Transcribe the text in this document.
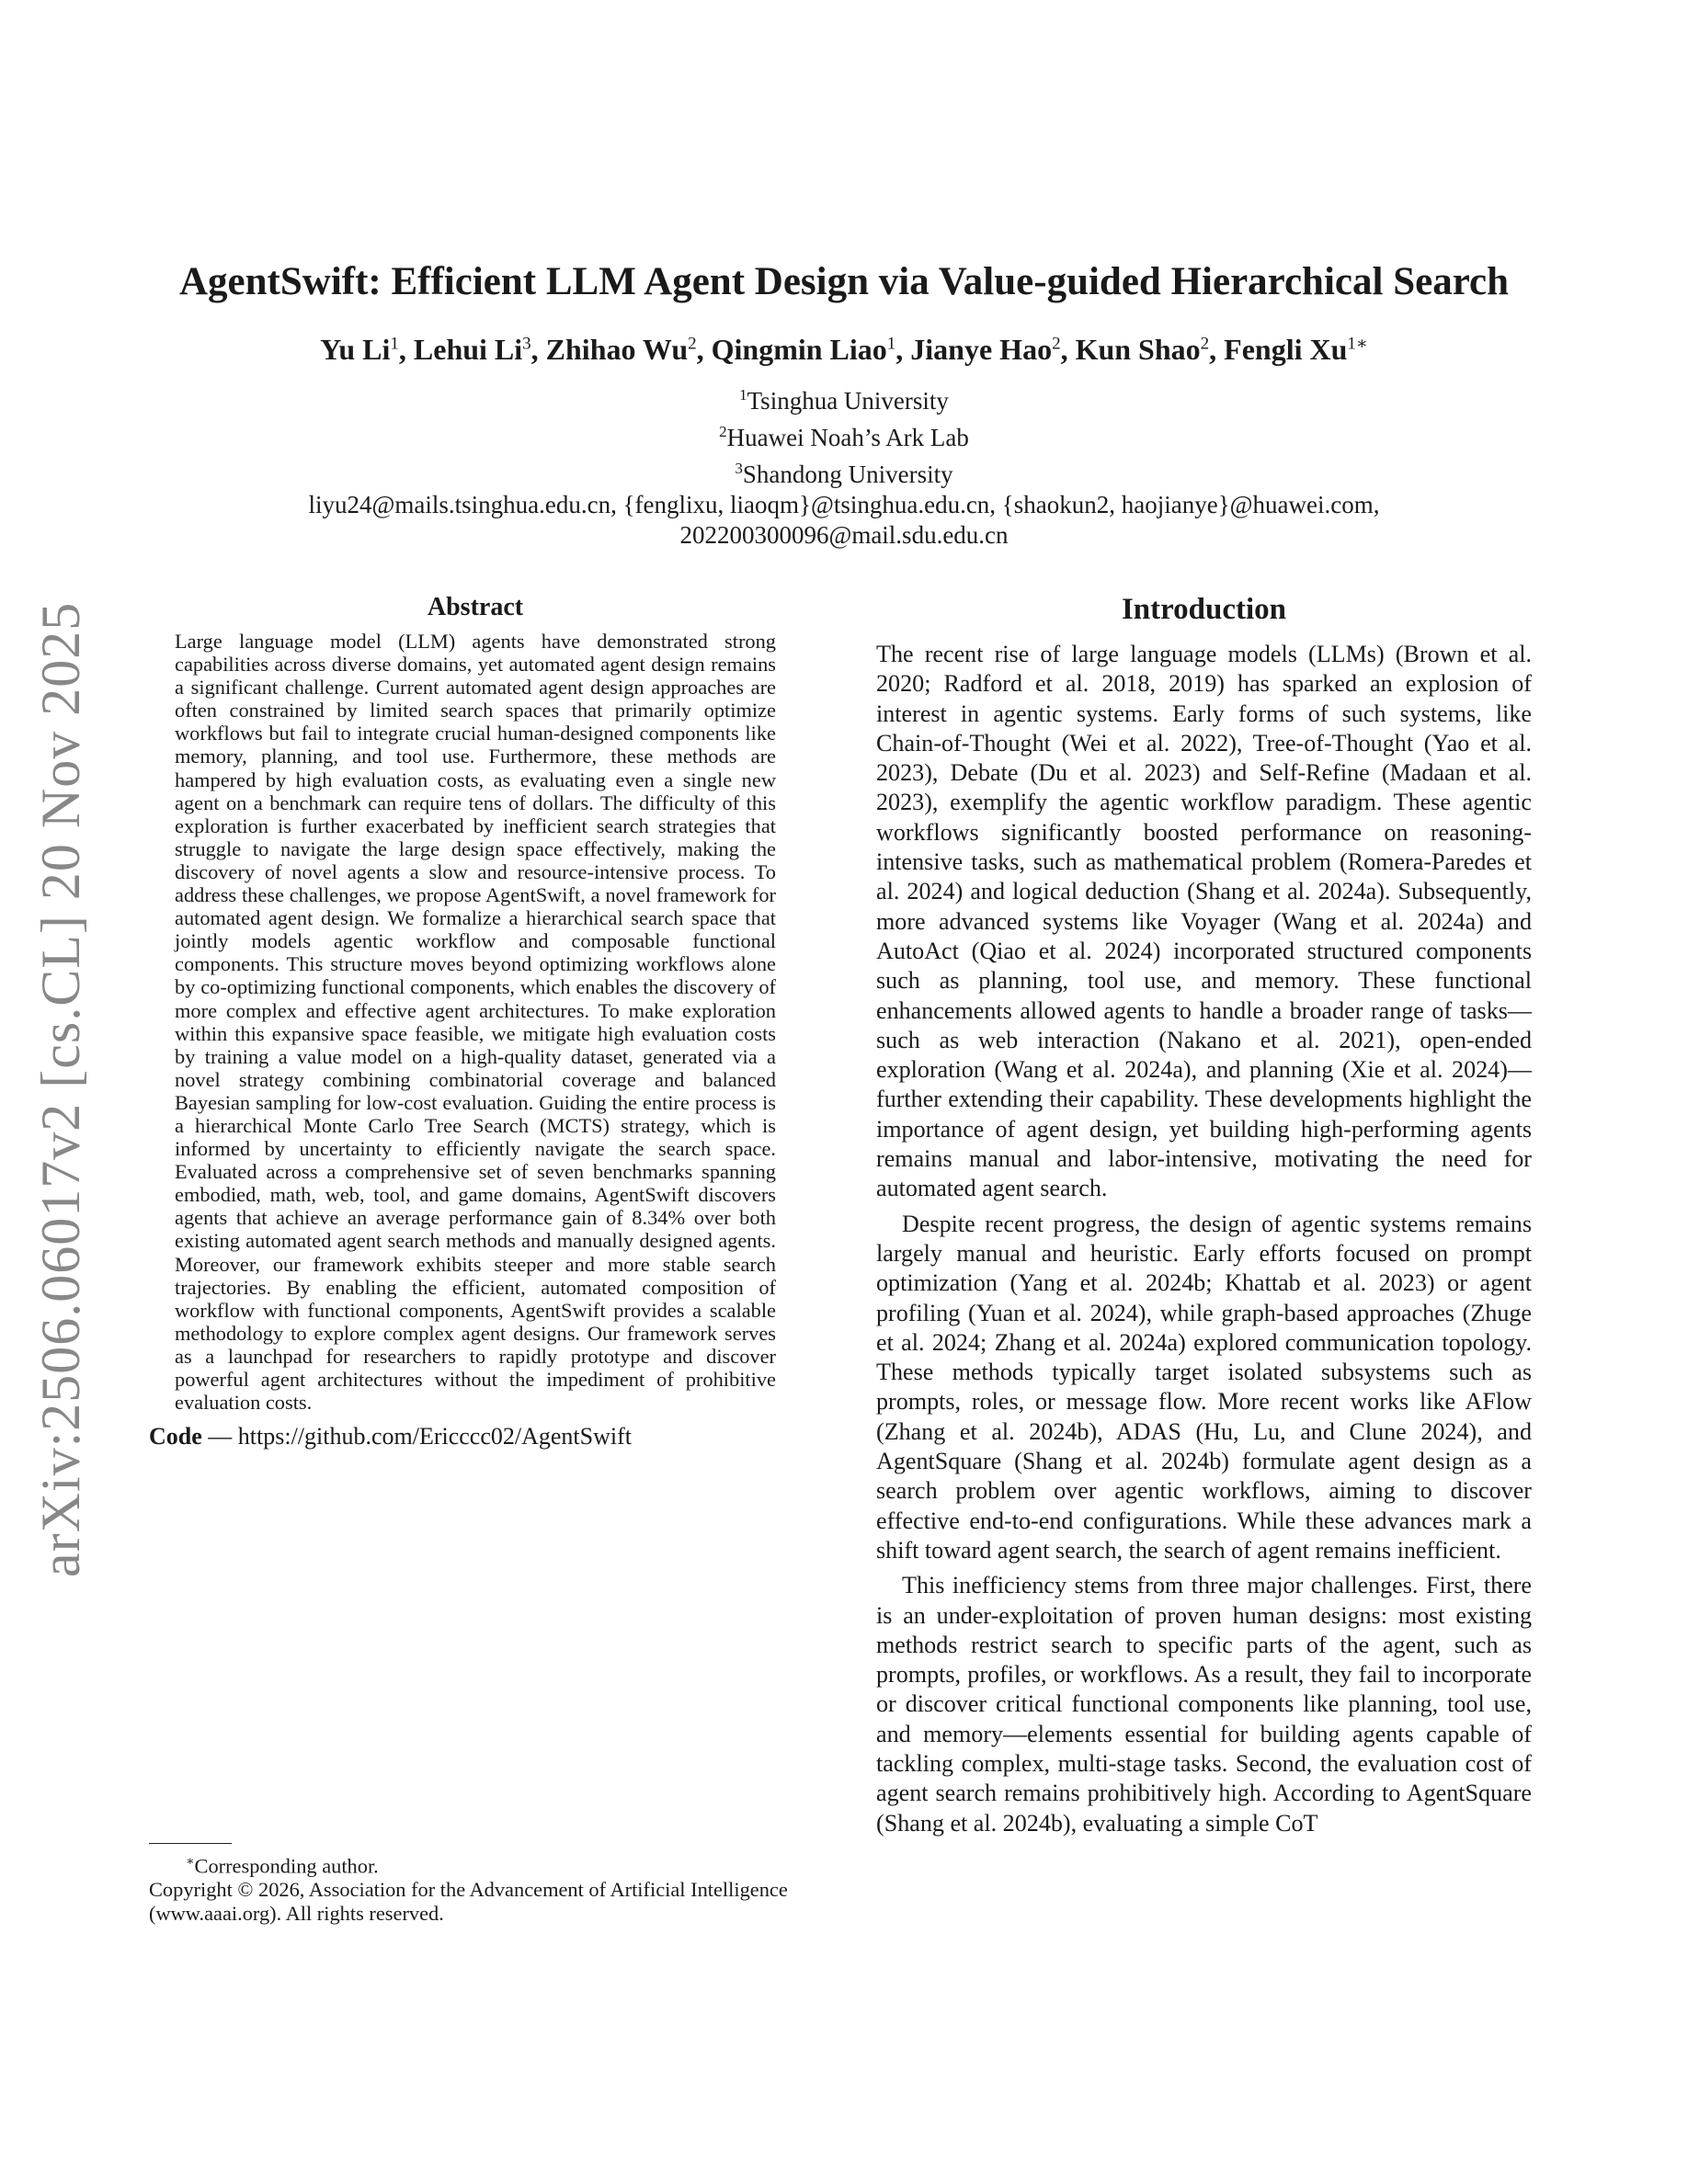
arXiv:2506.06017v2 [cs.CL] 20 Nov 2025
AgentSwift: Efficient LLM Agent Design via Value-guided Hierarchical Search
Yu Li$^1$, Lehui Li$^3$, Zhihao Wu$^2$, Qingmin Liao$^1$, Jianye Hao$^2$, Kun Shao$^2$, Fengli $Xu^{1∗}$
$^1$Tsinghua University
$^2$Huawei Noah’s Ark Lab
$^3$Shandong University
liyu24@mails.tsinghua.edu.cn, {fenglixu, liaoqm}@tsinghua.edu.cn, {shaokun2, haojianye}@huawei.com,
202200300096@mail.sdu.edu.cn
Abstract
Large language model (LLM) agents have demonstrated strong capabilities across diverse domains, yet automated agent design remains a significant challenge. Current automated agent design approaches are often constrained by limited search spaces that primarily optimize workflows but fail to integrate crucial human-designed components like memory, planning, and tool use. Furthermore, these methods are hampered by high evaluation costs, as evaluating even a single new agent on a benchmark can require tens of dollars. The difficulty of this exploration is further exacerbated by inefficient search strategies that struggle to navigate the large design space effectively, making the discovery of novel agents a slow and resource-intensive process. To address these challenges, we propose AgentSwift, a novel framework for automated agent design. We formalize a hierarchical search space that jointly models agentic workflow and composable functional components. This structure moves beyond optimizing workflows alone by co-optimizing functional components, which enables the discovery of more complex and effective agent architectures. To make exploration within this expansive space feasible, we mitigate high evaluation costs by training a value model on a high-quality dataset, generated via a novel strategy combining combinatorial coverage and balanced Bayesian sampling for low-cost evaluation. Guiding the entire process is a hierarchical Monte Carlo Tree Search (MCTS) strategy, which is informed by uncertainty to efficiently navigate the search space. Evaluated across a comprehensive set of seven benchmarks spanning embodied, math, web, tool, and game domains, AgentSwift discovers agents that achieve an average performance gain of 8.34% over both existing automated agent search methods and manually designed agents. Moreover, our framework exhibits steeper and more stable search trajectories. By enabling the efficient, automated composition of workflow with functional components, AgentSwift provides a scalable methodology to explore complex agent designs. Our framework serves as a launchpad for researchers to rapidly prototype and discover powerful agent architectures without the impediment of prohibitive evaluation costs.
Code — https://github.com/Ericccc02/AgentSwift
∗Corresponding author.
Copyright © 2026, Association for the Advancement of Artificial Intelligence (www.aaai.org). All rights reserved.
Introduction

The recent rise of large language models (LLMs) (Brown et al. 2020; Radford et al. 2018, 2019) has sparked an explosion of interest in agentic systems. Early forms of such systems, like Chain-of-Thought (Wei et al. 2022), Tree-of-Thought (Yao et al. 2023), Debate (Du et al. 2023) and Self-Refine (Madaan et al. 2023), exemplify the agentic workflow paradigm. These agentic workflows significantly boosted performance on reasoning-intensive tasks, such as mathematical problem (Romera-Paredes et al. 2024) and logical deduction (Shang et al. 2024a). Subsequently, more advanced systems like Voyager (Wang et al. 2024a) and AutoAct (Qiao et al. 2024) incorporated structured components such as planning, tool use, and memory. These functional enhancements allowed agents to handle a broader range of tasks—such as web interaction (Nakano et al. 2021), open-ended exploration (Wang et al. 2024a), and planning (Xie et al. 2024)—further extending their capability. These developments highlight the importance of agent design, yet building high-performing agents remains manual and labor-intensive, motivating the need for automated agent search.

Despite recent progress, the design of agentic systems remains largely manual and heuristic. Early efforts focused on prompt optimization (Yang et al. 2024b; Khattab et al. 2023) or agent profiling (Yuan et al. 2024), while graph-based approaches (Zhuge et al. 2024; Zhang et al. 2024a) explored communication topology. These methods typically target isolated subsystems such as prompts, roles, or message flow. More recent works like AFlow (Zhang et al. 2024b), ADAS (Hu, Lu, and Clune 2024), and AgentSquare (Shang et al. 2024b) formulate agent design as a search problem over agentic workflows, aiming to discover effective end-to-end configurations. While these advances mark a shift toward agent search, the search of agent remains inefficient.

This inefficiency stems from three major challenges. First, there is an under-exploitation of proven human designs: most existing methods restrict search to specific parts of the agent, such as prompts, profiles, or workflows. As a result, they fail to incorporate or discover critical functional components like planning, tool use, and memory—elements essential for building agents capable of tackling complex, multi-stage tasks. Second, the evaluation cost of agent search remains prohibitively high. According to AgentSquare (Shang et al. 2024b), evaluating a simple CoT
